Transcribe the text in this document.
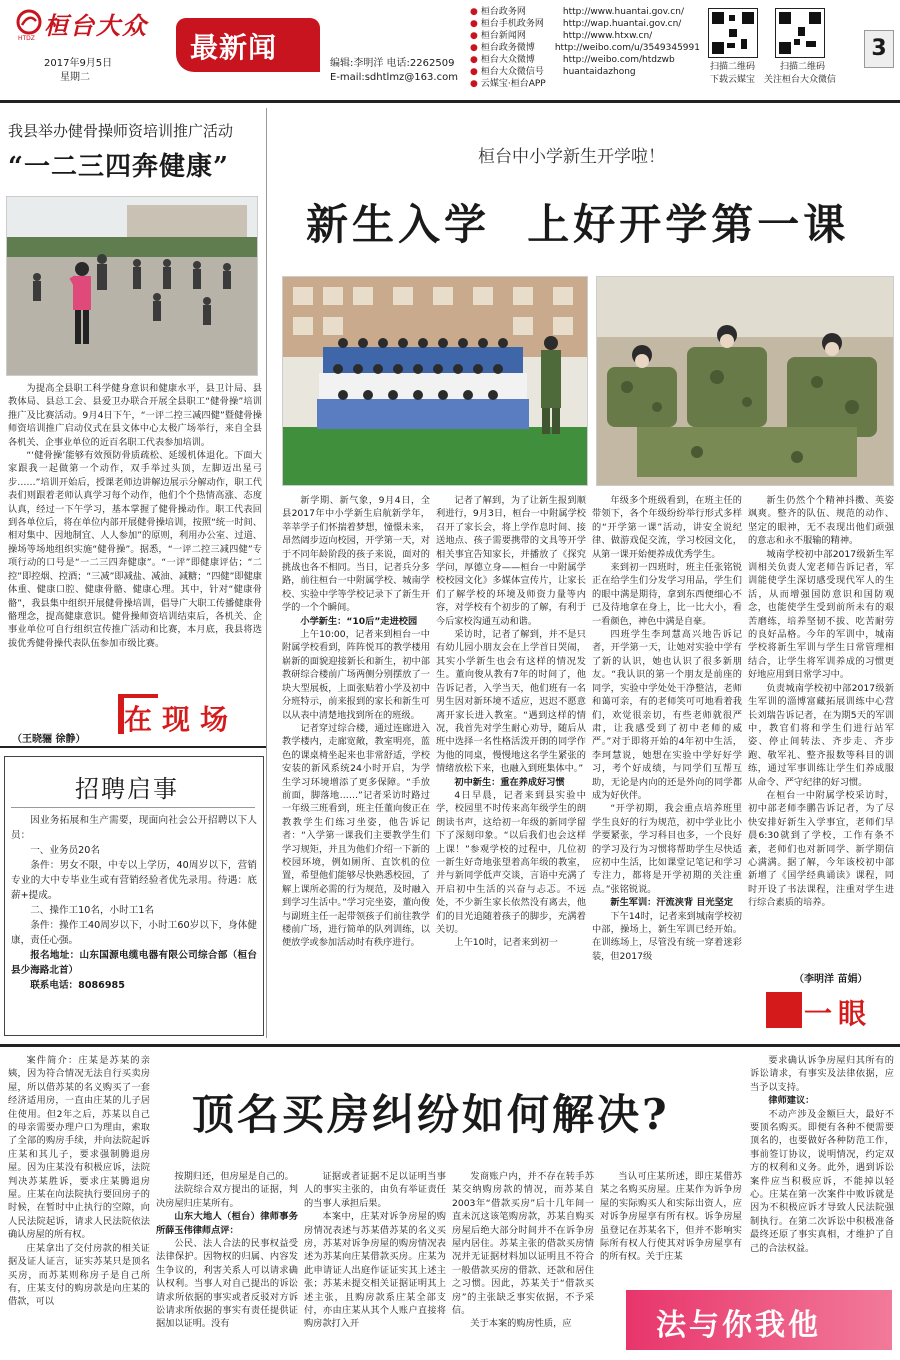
桓台大众
HTDZ
2017年9月5日
星期二
最新闻	编辑:李明洋 电话:2262509
E-mail:sdhtlmz@163.com
● 桓台政务网	http://www.huantai.gov.cn/
● 桓台手机政务网	http://wap.huantai.gov.cn/
● 桓台新闻网	http://www.htxw.cn/
● 桓台政务微博	http://weibo.com/u/3549345991
● 桓台大众微博	http://weibo.com/htdzwb
● 桓台大众微信号	huantaidazhong
● 云媒宝·桓台APP
扫描二维码
下载云媒宝
扫描二维码
关注桓台大众微信
3
我县举办健骨操师资培训推广活动
“一二三四奔健康”

为提高全县职工科学健身意识和健康水平，县卫计局、县教体局、县总工会、县爱卫办联合开展全县职工“健骨操”培训推广及比赛活动。9月4日下午，“一评二控三减四健”暨健骨操师资培训推广启动仪式在县文体中心太极广场举行，来自全县各机关、企事业单位的近百名职工代表参加培训。

“‘健骨操’能够有效预防骨质疏松、延缓机体退化。下面大家跟我一起做第一个动作，双手举过头顶，左脚迈出星弓步……”培训开始后，授课老师边讲解边展示分解动作，职工代表们则跟着老师认真学习每个动作，他们个个热情高涨、态度认真，经过一下午学习，基本掌握了健骨操动作。职工代表回到各单位后，将在单位内部开展健骨操培训，按照“统一时间、相对集中、因地制宜、人人参加”的原则，利用办公室、过道、操场等场地组织实施“健骨操”。据悉，“一评二控三减四健”专项行动的口号是“一二三四奔健康”。“一评”即健康评估；“二控”即控烟、控酒；“三减”即减盐、减油、减糖；“四健”即健康体重、健康口腔、健康骨骼、健康心理。其中，针对“健康骨骼”，我县集中组织开展健骨操培训，倡导广大职工传播健康骨骼理念，提高健康意识。健骨操师资培训结束后，各机关、企事业单位可自行组织宣传推广活动和比赛，本月底，我县将选拔优秀健骨操代表队伍参加市级比赛。

（王晓骊 徐静）
在现场
招聘启事

因业务拓展和生产需要，现面向社会公开招聘以下人员：

一、业务员20名

条件：男女不限，中专以上学历，40周岁以下，营销专业的大中专毕业生或有营销经验者优先录用。待遇：底薪+提成。

二、操作工10名，小时工1名

条件：操作工40周岁以下，小时工60岁以下，身体健康，责任心强。

报名地址：山东国源电缆电器有限公司综合部（桓台县少海路北首）

联系电话：8086985

桓台中小学新生开学啦！
新生入学  上好开学第一课

新学期、新气象，9月4日，全县2017年中小学新生启航新学年，莘莘学子们怀揣着梦想，憧憬未来，昂然阔步迈向校园，开学第一天，对于不同年龄阶段的孩子来说，面对的挑战也各不相同。当日，记者兵分多路，前往桓台一中附属学校、城南学校、实验中学等学校记录下了新生开学的一个个瞬间。

小学新生：“10后”走进校园

上午10:00，记者来到桓台一中附属学校看到，阵阵悦耳的教学楼用崭新的面貌迎接新长和新生，初中部教研综合楼前广场两侧分别摆放了一块大型展板，上面张贴着小学及初中分班特示，前来报到的家长和新生可以从表中清楚地找到所在的班级。

记者穿过综合楼，通过连廊进入教学楼内，走廊宽敞，教室明亮，蓝色的课桌椅坐起来也非常舒适，学校安装的新风系统24小时开启，为学生学习环境增添了更多保障。“手放前面，脚落地……”记者采访时路过一年级三班看到，班主任董向俊正在教教学生们练习坐姿，他告诉记者：“入学第一课我们主要教学生们学习规矩，并且为他们介绍一下新的校园环境，例如厕所、直饮机的位置，希望他们能够尽快熟悉校园，了解上课所必需的行为规范，及时融入到学习生活中。”学习完坐姿，董向俊与副班主任一起带领孩子们前往教学楼前广场，进行简单的队列训练，以便放学或参加活动时有秩序进行。

记者了解到，为了让新生报到顺利进行，9月3日，桓台一中附属学校召开了家长会，将上学作息时间、接送地点、孩子需要携带的文具等开学相关事宜告知家长，并播放了《探究学问，厚德立身——桓台一中附属学校校园文化》多媒体宣传片，让家长们了解学校的环境及师资力量等内容，对学校有个初步的了解，有利于今后家校沟通互动和谐。

采访时，记者了解到，并不是只有幼儿园小朋友会在上学首日哭闹，其实小学新生也会有这样的情况发生。董向俊从教有7年的时间了，他告诉记者，入学当天，他们班有一名男生因对新环境不适应，迟迟不愿意离开家长进入教室。“遇到这样的情况，我首先对学生耐心劝导，随后从班中选择一名性格活泼开朗的同学作为他的同桌，慢慢地这名学生紧张的情绪放松下来，也融入到班集体中。”

初中新生：重在养成好习惯

4日早晨，记者来到县实验中学，校园里不时传来高年级学生的朗朗读书声，这给初一年级的新同学留下了深刻印象。“以后我们也会这样上课！”参观学校的过程中，几位初一新生好奇地张望着高年级的教室，并与新同学低声交谈，言语中充满了开启初中生活的兴奋与忐忑。不远处，不少新生家长依然没有离去，他们的目光追随着孩子的脚步，充满着关切。

上午10时，记者来到初一

年级多个班级看到，在班主任的带领下，各个年级纷纷举行形式多样的“开学第一课”活动，讲安全说纪律、做游戏促交流，学习校园文化，从第一课开始便养成优秀学生。

来到初一四班时，班主任张铭锐正在给学生们分发学习用品，学生们的眼中满是期待，拿到东西便细心不已及待地拿在身上，比一比大小，看一看颜色，神色中满是自豪。

四班学生李珂慧高兴地告诉记者，开学第一天，让她对实验中学有了新的认识，她也认识了很多新朋友。“我认识的第一个朋友是前座的同学，实验中学处处干净整洁，老师和蔼可亲，有的老师笑可可地看着我们，欢觉很亲切，有些老师就很严肃，让我感受到了初中老师的威严。”对于即将开始的4年初中生活，李珂慧说，她想在实验中学好好学习，考个好成绩，与同学们互帮互助，无论是内向的还是外向的同学都成为好伙伴。

“开学初期，我会重点培养班里学生良好的行为规范，初中学业比小学要紧张，学习科目也多，一个良好的学习及行为习惯将帮助学生尽快适应初中生活，比如课堂记笔记和学习专注力，都将是开学初期的关注重点。”张铭锐说。

新生军训：汗流浃背 目光坚定

下午14时，记者来到城南学校初中部，操场上，新生军训已经开始。在训练场上，尽管没有统一穿着迷彩装，但2017级

新生仍然个个精神抖擞、英姿飒爽。整齐的队伍、规范的动作、坚定的眼神，无不表现出他们顽强的意志和永不服输的精神。

城南学校初中部2017级新生军训相关负责人宠老师告诉记者，军训能使学生深切感受现代军人的生活，从而增强国防意识和国防观念，也能使学生受到前所未有的艰苦磨练，培养坚韧不拔、吃苦耐劳的良好品格。今年的军训中，城南学校将新生军训与学生日常管理相结合，让学生将军训养成的习惯更好地应用到日常学习中。

负责城南学校初中部2017级新生军训的淄博富藏拓展训练中心营长刘瑞告诉记者，在为期5天的军训中，教官们将和学生们进行站军姿、停止间转法、齐步走、齐步跑、敬军礼、整齐报数等科目的训练，通过军事训练让学生们养成服从命令、严守纪律的好习惯。

在桓台一中附属学校采访时，初中部老师李鹏告诉记者，为了尽快安排好新生入学事宜，老师们早晨6:30就到了学校，工作有条不紊，老师们也对新同学、新学期信心满满。据了解，今年该校初中部新增了《国学经典诵读》课程，同时开设了书法课程，注重对学生进行综合素质的培养。

（李明洋 苗娟）
第一眼
顶名买房纠纷如何解决?

案件简介：庄某是苏某的亲姨，因为符合情况无法自行买卖房屋，所以借苏某的名义购买了一套经济适用房，一直由庄某的儿子居住使用。但2年之后，苏某以自己的母亲需要办理户口为理由，索取了全部的购房手续，并向法院起诉庄某和其儿子，要求强制腾退房屋。因为庄某没有积极应诉，法院判决苏某胜诉，要求庄某腾退房屋。庄某在向法院执行要回房子的时候，在暂时中止执行的空隙，向人民法院起诉，请求人民法院依法确认房屋的所有权。

庄某拿出了交付房款的相关证据及证人证言，证实苏某只是顶名买房，而苏某则称房子是自己所有，庄某支付的购房款是向庄某的借款，可以

按期归还，但房屋是自己的。

法院综合双方提出的证据，判决房屋归庄某所有。

山东大地人（桓台）律师事务所薛玉伟律师点评：

公民、法人合法的民事权益受法律保护。因物权的归属、内容发生争议的，利害关系人可以请求确认权利。当事人对自己提出的诉讼请求所依据的事实或者反驳对方诉讼请求所依据的事实有责任提供证据加以证明。没有

证据或者证据不足以证明当事人的事实主张的，由负有举证责任的当事人承担后果。

本案中，庄某对诉争房屋的购房情况表述与苏某借苏某的名义买房，苏某对诉争房屋的购房情况表述为苏某向庄某借款买房。庄某为此申请证人出庭作证证实其上述主张；苏某未提交相关证据证明其上述主张，且购房款系庄某全部支付，亦由庄某从其个人账户直接将购房款打入开

发商账户内，并不存在转手苏某交纳购房款的情况，而苏某自2003年“借款买房”后十几年间一直未沉这该笔购房款，苏某自购买房屋后绝大部分时间并不在诉争房屋内居住。苏某主张的借款买房情况并无证据材料加以证明且不符合一般借款买房的借款、还款和居住之习惯。因此，苏某关于“借款买房”的主张缺乏事实依据，不予采信。

关于本案的购房性质，应

当认可庄某所述，即庄某借苏某之名购买房屋。庄某作为诉争房屋的实际购买人和实际出资人，应对诉争房屋享有所有权。诉争房屋虽登记在苏某名下，但并不影响实际所有权人行使其对诉争房屋享有的所有权。关于庄某

要求确认诉争房屋归其所有的诉讼请求，有事实及法律依据，应当予以支持。

律师建议：

不动产涉及金额巨大，最好不要顶名购买。即便有各种不便需要顶名的，也要做好各种防范工作，事前签订协议，说明情况，约定双方的权利和义务。此外，遇到诉讼案件应当积极应诉，不能掉以轻心。庄某在第一次案件中败诉就是因为不积极应诉才导致人民法院强制执行。在第二次诉讼中积极准备最终还原了事实真相，才维护了自己的合法权益。

法与你我他
